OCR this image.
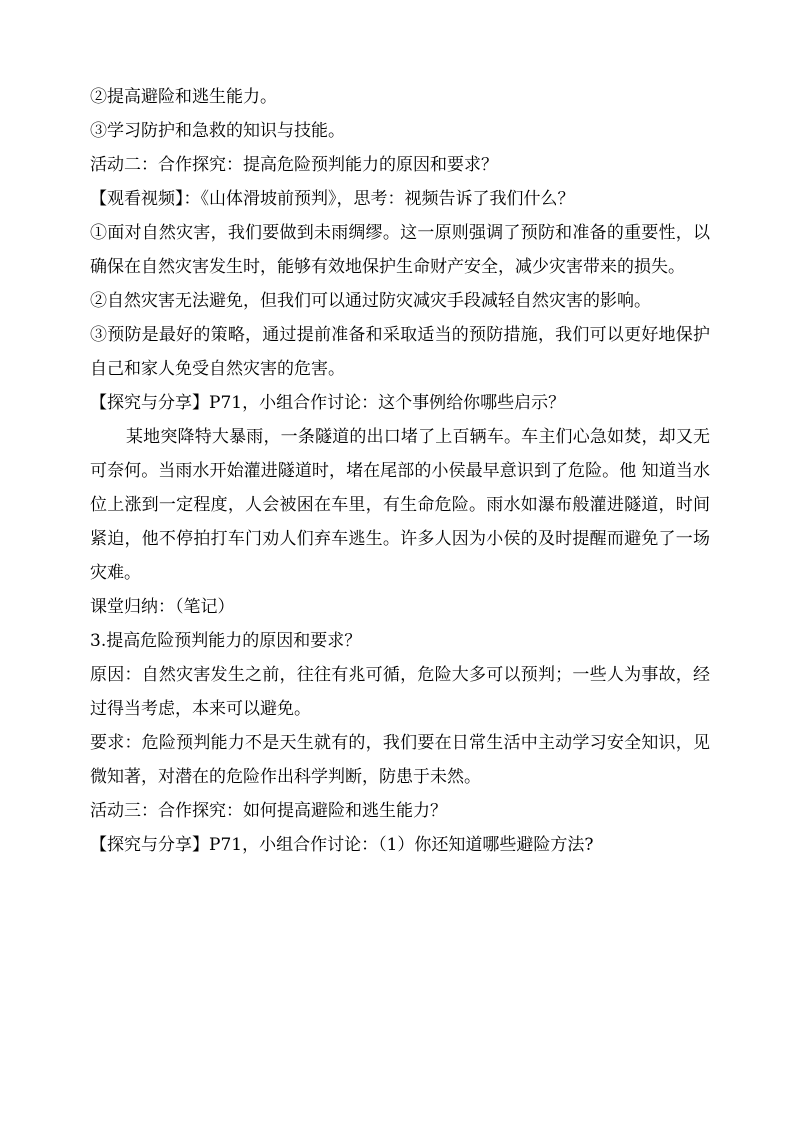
②提高避险和逃生能力。

③学习防护和急救的知识与技能。

活动二：合作探究：提高危险预判能力的原因和要求？

【观看视频】：《山体滑坡前预判》，思考：视频告诉了我们什么？

①面对自然灾害，我们要做到未雨绸缪。这一原则强调了预防和准备的重要性，以确保在自然灾害发生时，能够有效地保护生命财产安全，减少灾害带来的损失。

②自然灾害无法避免，但我们可以通过防灾减灾手段减轻自然灾害的影响。

③预防是最好的策略，通过提前准备和采取适当的预防措施，我们可以更好地保护自己和家人免受自然灾害的危害。

【探究与分享】P71，小组合作讨论：这个事例给你哪些启示？

某地突降特大暴雨，一条隧道的出口堵了上百辆车。车主们心急如焚，却又无可奈何。当雨水开始灌进隧道时，堵在尾部的小侯最早意识到了危险。他 知道当水位上涨到一定程度，人会被困在车里，有生命危险。雨水如瀑布般灌进隧道，时间紧迫，他不停拍打车门劝人们弃车逃生。许多人因为小侯的及时提醒而避免了一场灾难。

课堂归纳：（笔记）

3.提高危险预判能力的原因和要求？

原因：自然灾害发生之前，往往有兆可循，危险大多可以预判；一些人为事故，经过得当考虑，本来可以避免。

要求：危险预判能力不是天生就有的，我们要在日常生活中主动学习安全知识，见微知著，对潜在的危险作出科学判断，防患于未然。

活动三：合作探究：如何提高避险和逃生能力？

【探究与分享】P71，小组合作讨论：（1）你还知道哪些避险方法?
